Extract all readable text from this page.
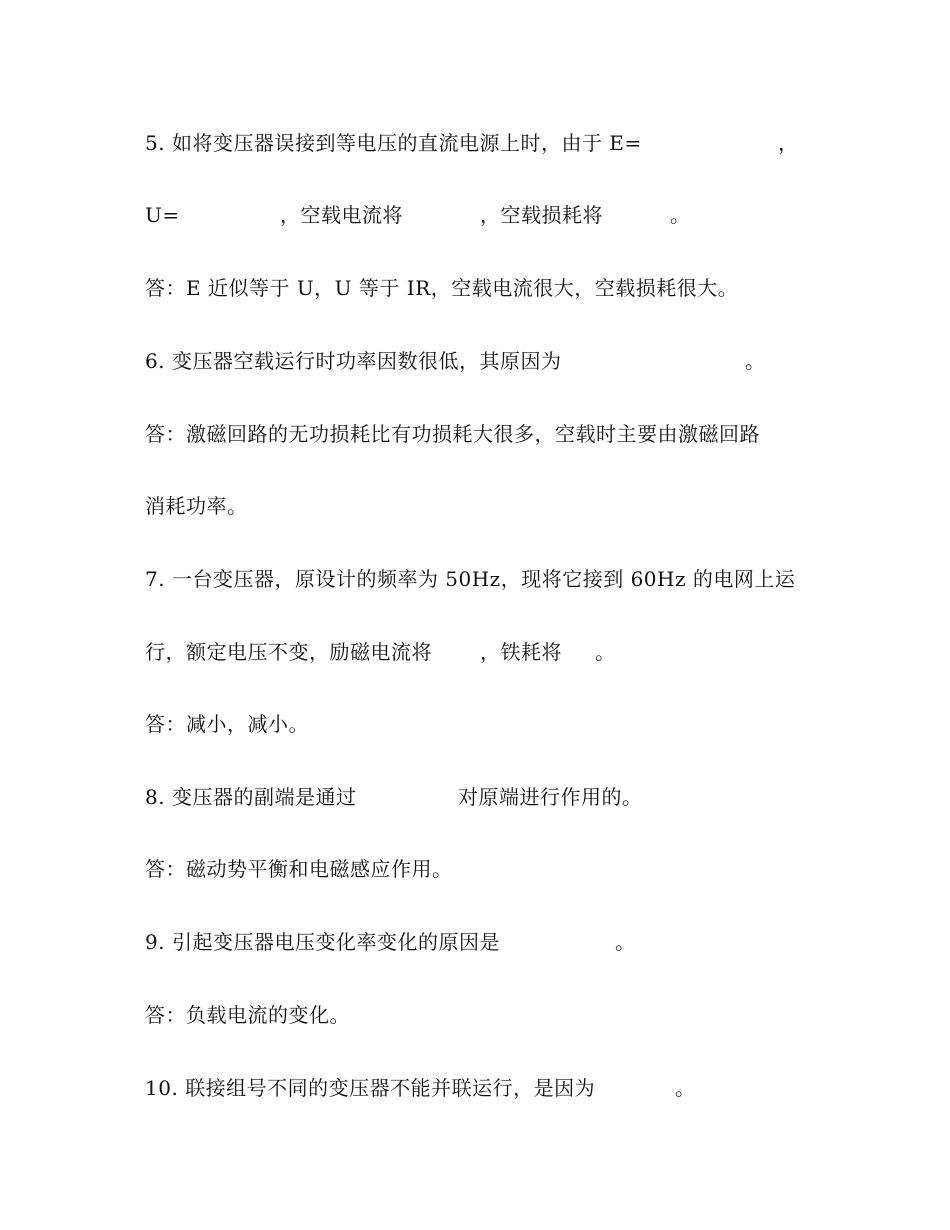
5. 如将变压器误接到等电压的直流电源上时，由于 E=	，
U=	，空载电流将	，空载损耗将	。
答：E 近似等于 U，U 等于 IR，空载电流很大，空载损耗很大。
6. 变压器空载运行时功率因数很低，其原因为	。
答：激磁回路的无功损耗比有功损耗大很多，空载时主要由激磁回路
消耗功率。
7. 一台变压器，原设计的频率为 50Hz，现将它接到 60Hz 的电网上运
行，额定电压不变，励磁电流将 ，铁耗将 。
答：减小，减小。
8. 变压器的副端是通过	对原端进行作用的。
答：磁动势平衡和电磁感应作用。
9. 引起变压器电压变化率变化的原因是	。
答：负载电流的变化。
10. 联接组号不同的变压器不能并联运行，是因为	。
